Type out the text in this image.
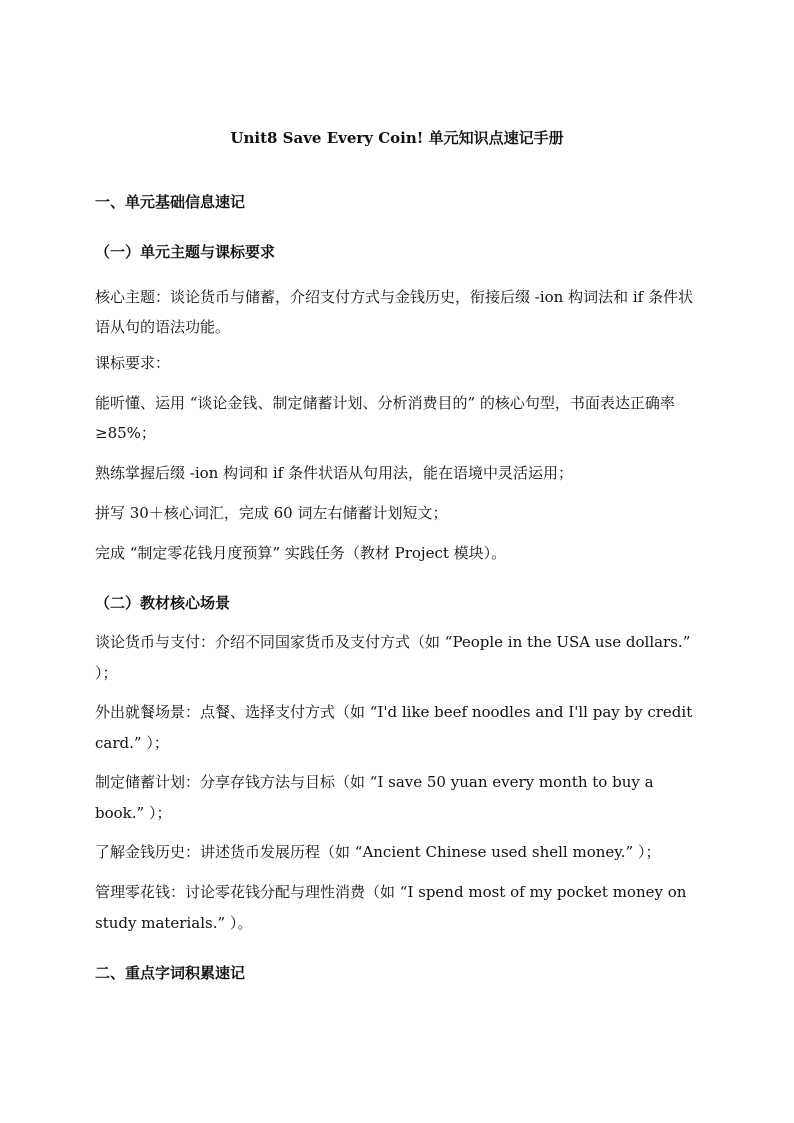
Unit8 Save Every Coin! 单元知识点速记手册
一、单元基础信息速记
（一）单元主题与课标要求
核心主题：谈论货币与储蓄，介绍支付方式与金钱历史，衔接后缀 -ion 构词法和 if 条件状语从句的语法功能。
课标要求：
能听懂、运用 “谈论金钱、制定储蓄计划、分析消费目的” 的核心句型，书面表达正确率≥85%；
熟练掌握后缀 -ion 构词和 if 条件状语从句用法，能在语境中灵活运用；
拼写 30＋核心词汇，完成 60 词左右储蓄计划短文；
完成 “制定零花钱月度预算” 实践任务（教材 Project 模块）。
（二）教材核心场景
谈论货币与支付：介绍不同国家货币及支付方式（如 “People in the USA use dollars.” ）；
外出就餐场景：点餐、选择支付方式（如 “I'd like beef noodles and I'll pay by credit card.” ）；
制定储蓄计划：分享存钱方法与目标（如 “I save 50 yuan every month to buy a book.” ）；
了解金钱历史：讲述货币发展历程（如 “Ancient Chinese used shell money.” ）；
管理零花钱：讨论零花钱分配与理性消费（如 “I spend most of my pocket money on study materials.” ）。
二、重点字词积累速记
